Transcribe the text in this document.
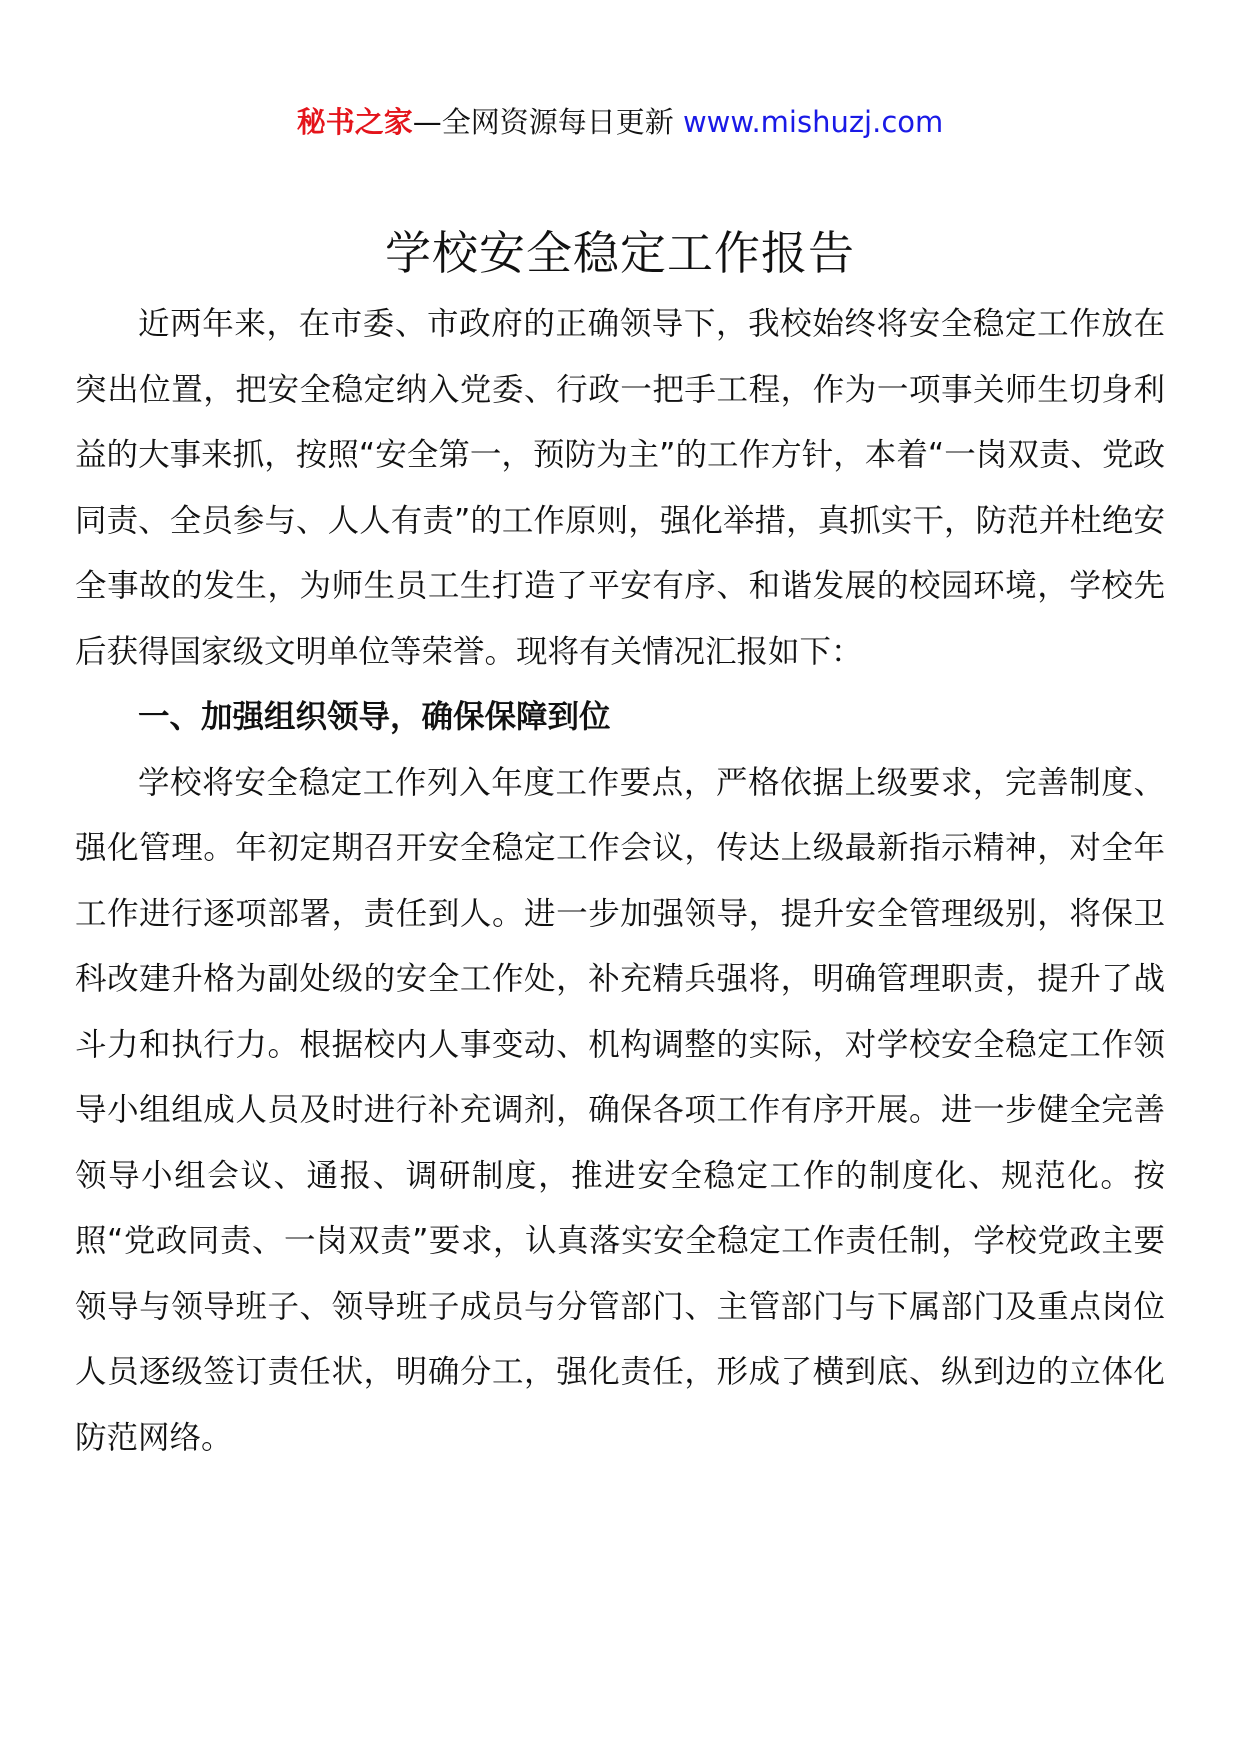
秘书之家—全网资源每日更新 www.mishuzj.com
学校安全稳定工作报告

近两年来，在市委、市政府的正确领导下，我校始终将安全稳定工作放在突出位置，把安全稳定纳入党委、行政一把手工程，作为一项事关师生切身利益的大事来抓，按照“安全第一，预防为主”的工作方针，本着“一岗双责、党政同责、全员参与、人人有责”的工作原则，强化举措，真抓实干，防范并杜绝安全事故的发生，为师生员工生打造了平安有序、和谐发展的校园环境，学校先后获得国家级文明单位等荣誉。现将有关情况汇报如下：

一、加强组织领导，确保保障到位

学校将安全稳定工作列入年度工作要点，严格依据上级要求，完善制度、强化管理。年初定期召开安全稳定工作会议，传达上级最新指示精神，对全年工作进行逐项部署，责任到人。进一步加强领导，提升安全管理级别，将保卫科改建升格为副处级的安全工作处，补充精兵强将，明确管理职责，提升了战斗力和执行力。根据校内人事变动、机构调整的实际，对学校安全稳定工作领导小组组成人员及时进行补充调剂，确保各项工作有序开展。进一步健全完善领导小组会议、通报、调研制度，推进安全稳定工作的制度化、规范化。按照“党政同责、一岗双责”要求，认真落实安全稳定工作责任制，学校党政主要领导与领导班子、领导班子成员与分管部门、主管部门与下属部门及重点岗位人员逐级签订责任状，明确分工，强化责任，形成了横到底、纵到边的立体化防范网络。
